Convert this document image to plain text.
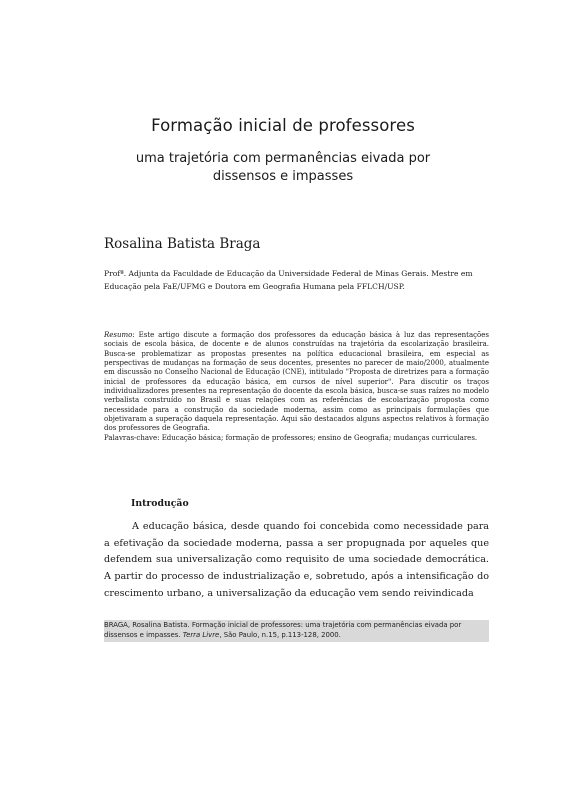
Formação inicial de professores
uma trajetória com permanências eivada por
dissensos e impasses
Rosalina Batista Braga
Profª. Adjunta da Faculdade de Educação da Universidade Federal de Minas Gerais. Mestre em Educação pela FaE/UFMG e Doutora em Geografia Humana pela FFLCH/USP.

Resumo: Este artigo discute a formação dos professores da educação básica à luz das representações sociais de escola básica, de docente e de alunos construídas na trajetória da escolarização brasileira. Busca-se problematizar as propostas presentes na política educacional brasileira, em especial as perspectivas de mudanças na formação de seus docentes, presentes no parecer de maio/2000, atualmente em discussão no Conselho Nacional de Educação (CNE), intitulado "Proposta de diretrizes para a formação inicial de professores da educação básica, em cursos de nível superior". Para discutir os traços individualizadores presentes na representação do docente da escola básica, busca-se suas raízes no modelo verbalista construído no Brasil e suas relações com as referências de escolarização proposta como necessidade para a construção da sociedade moderna, assim como as principais formulações que objetivaram a superação daquela representação. Aqui são destacados alguns aspectos relativos à formação dos professores de Geografia.

Palavras-chave: Educação básica; formação de professores; ensino de Geografia; mudanças curriculares.

Introdução

A educação básica, desde quando foi concebida como necessidade para a efetivação da sociedade moderna, passa a ser propugnada por aqueles que defendem sua universalização como requisito de uma sociedade democrática. A partir do processo de industrialização e, sobretudo, após a intensificação do crescimento urbano, a universalização da educação vem sendo reivindicada

BRAGA, Rosalina Batista. Formação inicial de professores: uma trajetória com permanências eivada por dissensos e impasses. Terra Livre, São Paulo, n.15, p.113-128, 2000.
